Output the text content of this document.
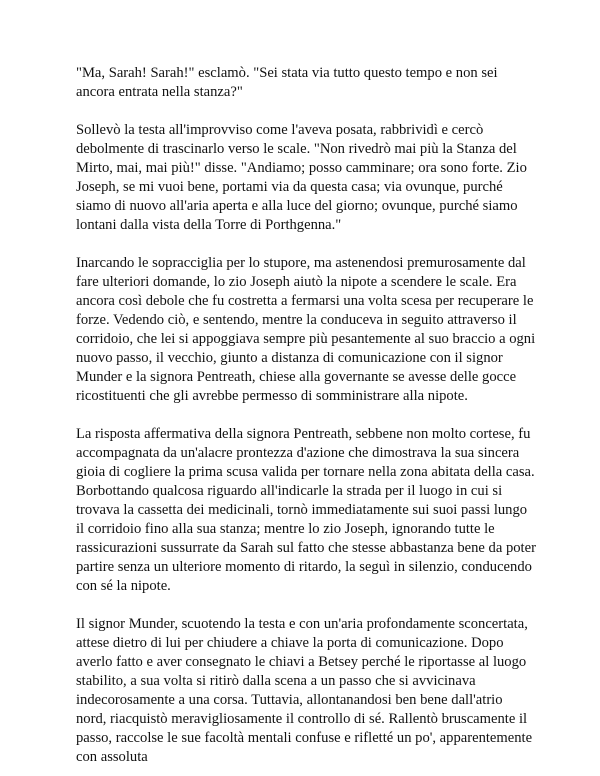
"Ma, Sarah! Sarah!" esclamò. "Sei stata via tutto questo tempo e non sei ancora entrata nella stanza?"

Sollevò la testa all'improvviso come l'aveva posata, rabbrividì e cercò debolmente di trascinarlo verso le scale. "Non rivedrò mai più la Stanza del Mirto, mai, mai più!" disse. "Andiamo; posso camminare; ora sono forte. Zio Joseph, se mi vuoi bene, portami via da questa casa; via ovunque, purché siamo di nuovo all'aria aperta e alla luce del giorno; ovunque, purché siamo lontani dalla vista della Torre di Porthgenna."

Inarcando le sopracciglia per lo stupore, ma astenendosi premurosamente dal fare ulteriori domande, lo zio Joseph aiutò la nipote a scendere le scale. Era ancora così debole che fu costretta a fermarsi una volta scesa per recuperare le forze. Vedendo ciò, e sentendo, mentre la conduceva in seguito attraverso il corridoio, che lei si appoggiava sempre più pesantemente al suo braccio a ogni nuovo passo, il vecchio, giunto a distanza di comunicazione con il signor Munder e la signora Pentreath, chiese alla governante se avesse delle gocce ricostituenti che gli avrebbe permesso di somministrare alla nipote.

La risposta affermativa della signora Pentreath, sebbene non molto cortese, fu accompagnata da un'alacre prontezza d'azione che dimostrava la sua sincera gioia di cogliere la prima scusa valida per tornare nella zona abitata della casa. Borbottando qualcosa riguardo all'indicarle la strada per il luogo in cui si trovava la cassetta dei medicinali, tornò immediatamente sui suoi passi lungo il corridoio fino alla sua stanza; mentre lo zio Joseph, ignorando tutte le rassicurazioni sussurrate da Sarah sul fatto che stesse abbastanza bene da poter partire senza un ulteriore momento di ritardo, la seguì in silenzio, conducendo con sé la nipote.

Il signor Munder, scuotendo la testa e con un'aria profondamente sconcertata, attese dietro di lui per chiudere a chiave la porta di comunicazione. Dopo averlo fatto e aver consegnato le chiavi a Betsey perché le riportasse al luogo stabilito, a sua volta si ritirò dalla scena a un passo che si avvicinava indecorosamente a una corsa. Tuttavia, allontanandosi ben bene dall'atrio nord, riacquistò meravigliosamente il controllo di sé. Rallentò bruscamente il passo, raccolse le sue facoltà mentali confuse e rifletté un po', apparentemente con assoluta
